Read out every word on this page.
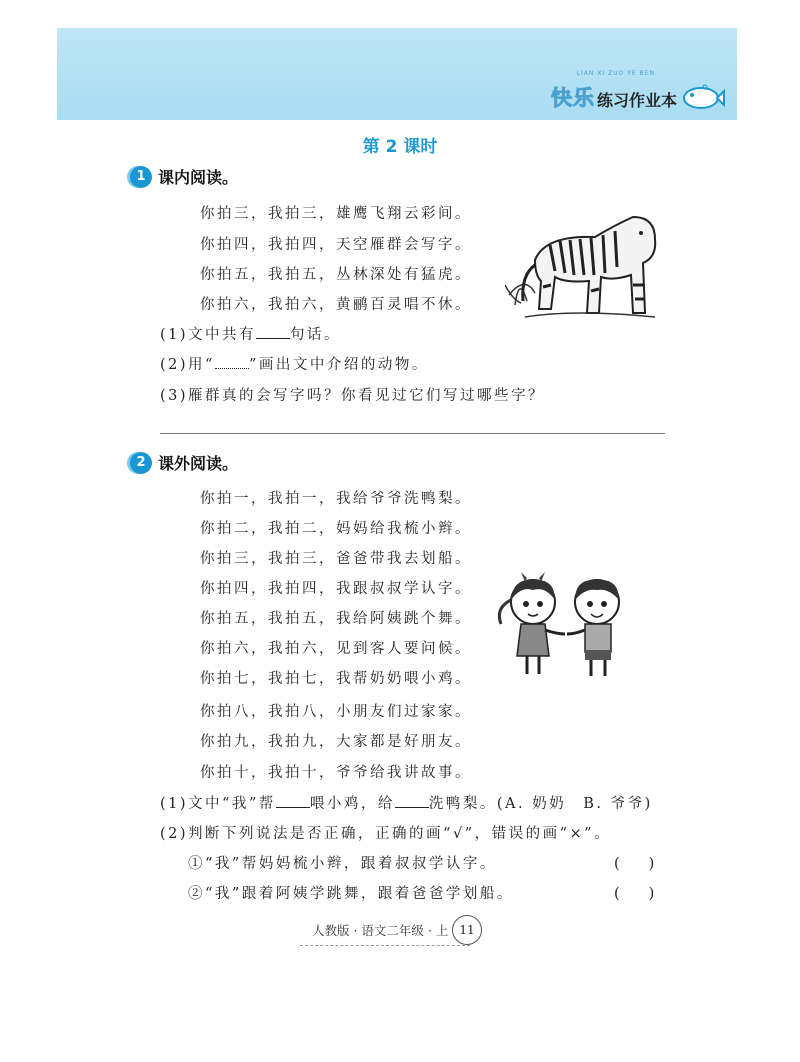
LIAN XI ZUO YE BEN
快乐 练习作业本
第 2 课时
1 课内阅读。
你拍三，我拍三，雄鹰飞翔云彩间。
你拍四，我拍四，天空雁群会写字。
你拍五，我拍五，丛林深处有猛虎。
你拍六，我拍六，黄鹂百灵唱不休。
(1)文中共有 句话。
(2)用“ ”画出文中介绍的动物。
(3)雁群真的会写字吗？你看见过它们写过哪些字？
2 课外阅读。
你拍一，我拍一，我给爷爷洗鸭梨。
你拍二，我拍二，妈妈给我梳小辫。
你拍三，我拍三，爸爸带我去划船。
你拍四，我拍四，我跟叔叔学认字。
你拍五，我拍五，我给阿姨跳个舞。
你拍六，我拍六，见到客人要问候。
你拍七，我拍七，我帮奶奶喂小鸡。
你拍八，我拍八，小朋友们过家家。
你拍九，我拍九，大家都是好朋友。
你拍十，我拍十，爷爷给我讲故事。
(1)文中“我”帮 喂小鸡，给 洗鸭梨。(A. 奶奶　B. 爷爷)
(2)判断下列说法是否正确，正确的画“√”，错误的画“×”。
①“我”帮妈妈梳小辫，跟着叔叔学认字。	(　　)
②“我”跟着阿姨学跳舞，跟着爸爸学划船。	(　　)
人教版 · 语文二年级 · 上 11
